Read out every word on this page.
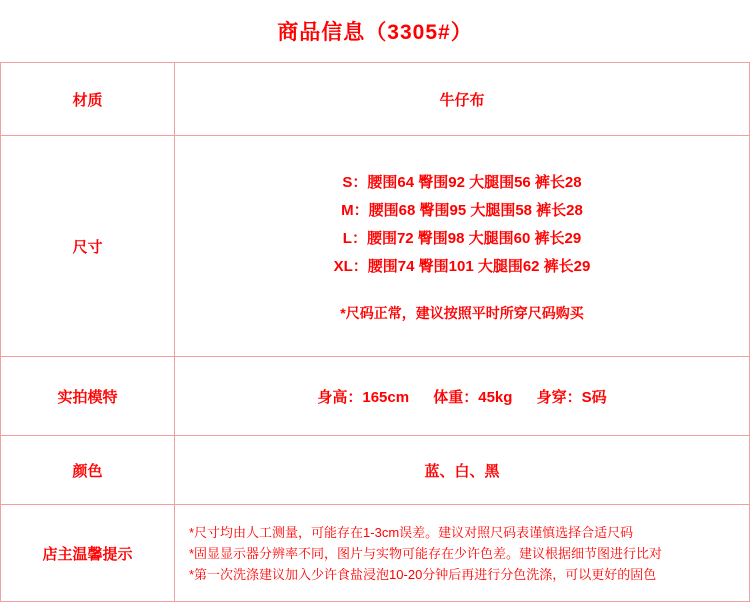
商品信息（3305#）
材质	牛仔布
尺寸	S：腰围64 臀围92 大腿围56 裤长28
M：腰围68 臀围95 大腿围58 裤长28
L：腰围72 臀围98 大腿围60 裤长29
XL：腰围74 臀围101 大腿围62 裤长29
*尺码正常，建议按照平时所穿尺码购买

实拍模特	身高：165cm 体重：45kg 身穿：S码

颜色	蓝、白、黑
店主温馨提示	*尺寸均由人工测量，可能存在1-3cm误差。建议对照尺码表谨慎选择合适尺码
*固显显示器分辨率不同，图片与实物可能存在少许色差。建议根据细节图进行比对
*第一次洗涤建议加入少许食盐浸泡10-20分钟后再进行分色洗涤，可以更好的固色
